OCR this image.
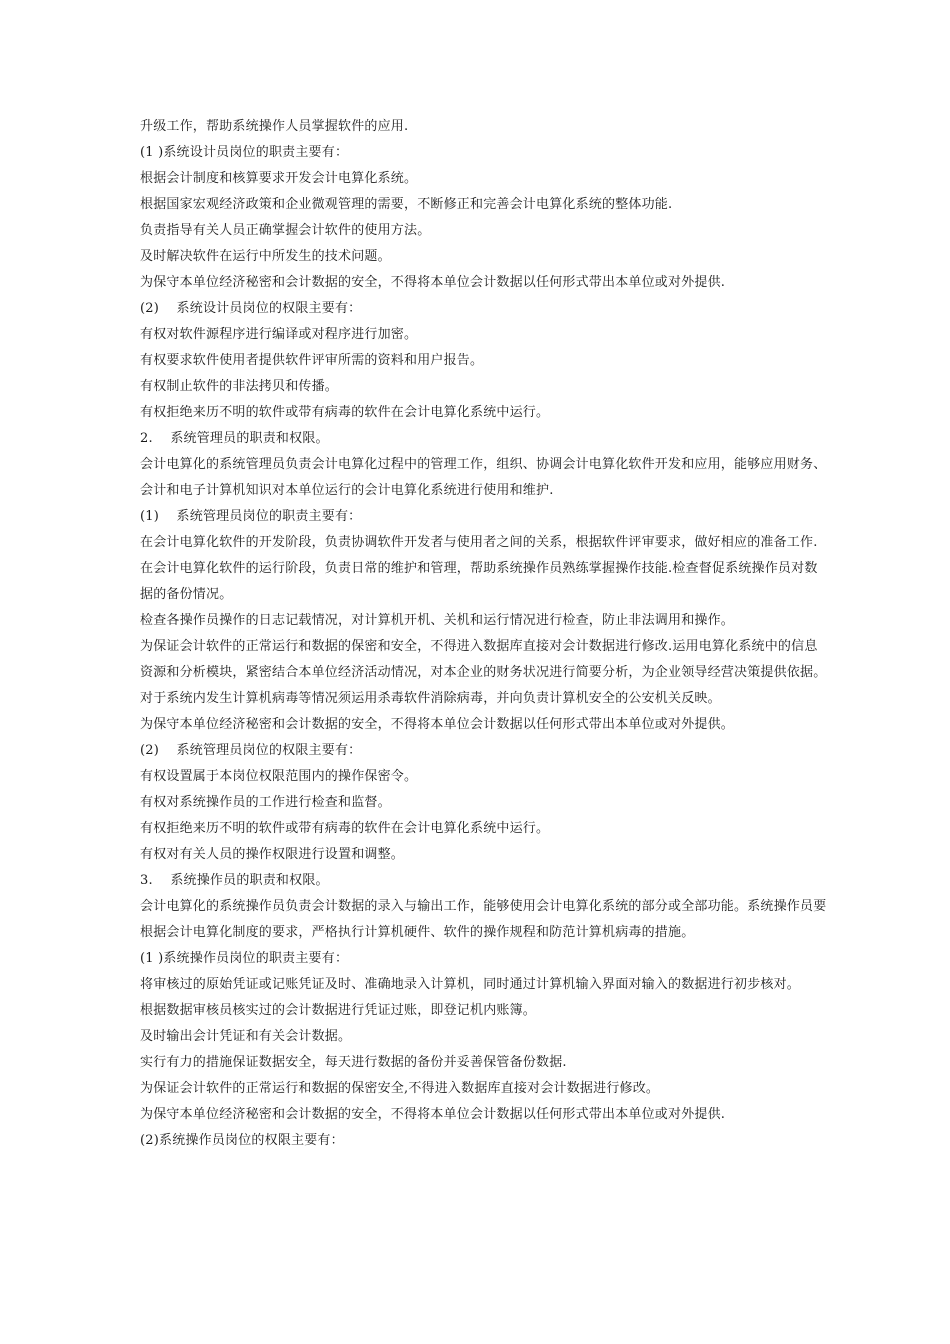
升级工作，帮助系统操作人员掌握软件的应用.

(1 )系统设计员岗位的职责主要有：

根据会计制度和核算要求开发会计电算化系统。

根据国家宏观经济政策和企业微观管理的需要，不断修正和完善会计电算化系统的整体功能.

负责指导有关人员正确掌握会计软件的使用方法。

及时解决软件在运行中所发生的技术问题。

为保守本单位经济秘密和会计数据的安全，不得将本单位会计数据以任何形式带出本单位或对外提供.

(2)　 系统设计员岗位的权限主要有：

有权对软件源程序进行编译或对程序进行加密。

有权要求软件使用者提供软件评审所需的资料和用户报告。

有权制止软件的非法拷贝和传播。

有权拒绝来历不明的软件或带有病毒的软件在会计电算化系统中运行。

2.　 系统管理员的职责和权限。

会计电算化的系统管理员负责会计电算化过程中的管理工作，组织、协调会计电算化软件开发和应用，能够应用财务、会计和电子计算机知识对本单位运行的会计电算化系统进行使用和维护.

(1)　 系统管理员岗位的职责主要有：

在会计电算化软件的开发阶段，负责协调软件开发者与使用者之间的关系，根据软件评审要求，做好相应的准备工作.

在会计电算化软件的运行阶段，负责日常的维护和管理，帮助系统操作员熟练掌握操作技能.检查督促系统操作员对数据的备份情况。

检查各操作员操作的日志记载情况，对计算机开机、关机和运行情况进行检查，防止非法调用和操作。

为保证会计软件的正常运行和数据的保密和安全，不得进入数据库直接对会计数据进行修改.运用电算化系统中的信息资源和分析模块，紧密结合本单位经济活动情况，对本企业的财务状况进行简要分析，为企业领导经营决策提供依据。

对于系统内发生计算机病毒等情况须运用杀毒软件消除病毒，并向负责计算机安全的公安机关反映。

为保守本单位经济秘密和会计数据的安全，不得将本单位会计数据以任何形式带出本单位或对外提供。

(2)　 系统管理员岗位的权限主要有：

有权设置属于本岗位权限范围内的操作保密令。

有权对系统操作员的工作进行检查和监督。

有权拒绝来历不明的软件或带有病毒的软件在会计电算化系统中运行。

有权对有关人员的操作权限进行设置和调整。

3.　 系统操作员的职责和权限。

会计电算化的系统操作员负责会计数据的录入与输出工作，能够使用会计电算化系统的部分或全部功能。系统操作员要根据会计电算化制度的要求，严格执行计算机硬件、软件的操作规程和防范计算机病毒的措施。

(1 )系统操作员岗位的职责主要有：

将审核过的原始凭证或记账凭证及时、准确地录入计算机，同时通过计算机输入界面对输入的数据进行初步核对。

根据数据审核员核实过的会计数据进行凭证过账，即登记机内账簿。

及时输出会计凭证和有关会计数据。

实行有力的措施保证数据安全，每天进行数据的备份并妥善保管备份数据.

为保证会计软件的正常运行和数据的保密安全,不得进入数据库直接对会计数据进行修改。

为保守本单位经济秘密和会计数据的安全，不得将本单位会计数据以任何形式带出本单位或对外提供.

(2)系统操作员岗位的权限主要有：
